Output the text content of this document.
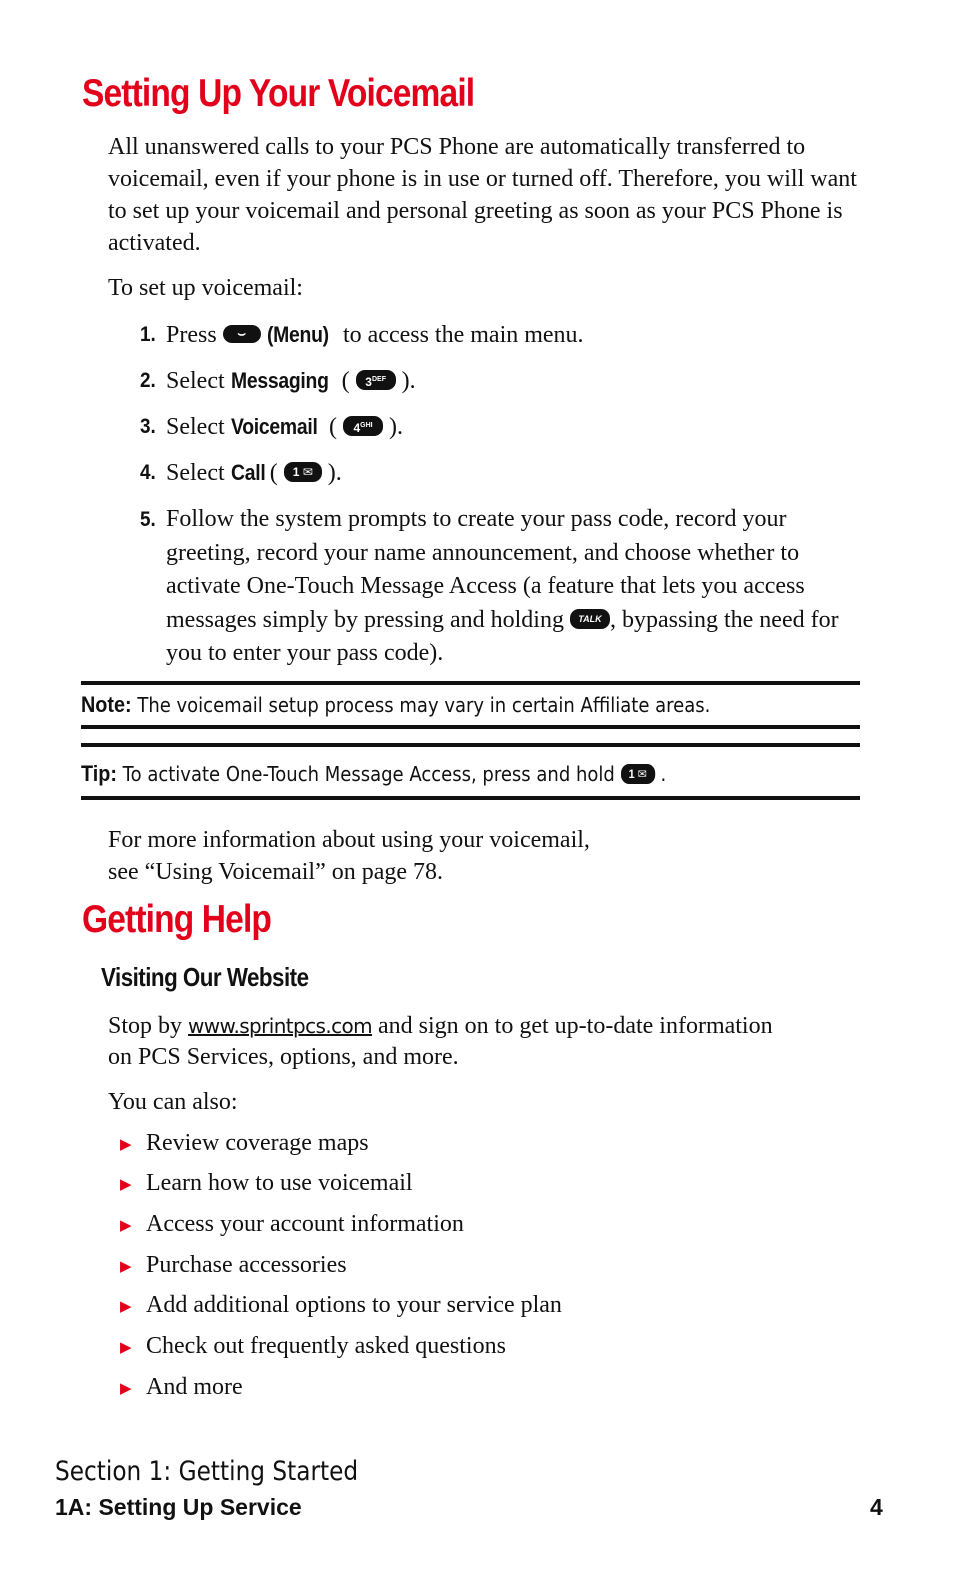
Setting Up Your Voicemail

All unanswered calls to your PCS Phone are automatically transferred to voicemail, even if your phone is in use or turned off. Therefore, you will want to set up your voicemail and personal greeting as soon as your PCS Phone is activated.

To set up voicemail:

1. Press ⌣ (Menu) to access the main menu.
2. Select Messaging ( $3^{DEF}$ ).
3. Select Voicemail ( $4^{GHI}$ ).
4. Select Call ( 1 ✉ ).
5. Follow the system prompts to create your pass code, record your greeting, record your name announcement, and choose whether to activate One-Touch Message Access (a feature that lets you access messages simply by pressing and holding TALK , bypassing the need for you to enter your pass code).
Note: The voicemail setup process may vary in certain Affiliate areas.
Tip: To activate One-Touch Message Access, press and hold 1 ✉ .

For more information about using your voicemail,

see “Using Voicemail” on page 78.

Getting Help
Visiting Our Website

Stop by www.sprintpcs.com and sign on to get up-to-date information

on PCS Services, options, and more.

You can also:

▶ Review coverage maps
▶ Learn how to use voicemail
▶ Access your account information
▶ Purchase accessories
▶ Add additional options to your service plan
▶ Check out frequently asked questions
▶ And more
Section 1: Getting Started
1A: Setting Up Service	4
